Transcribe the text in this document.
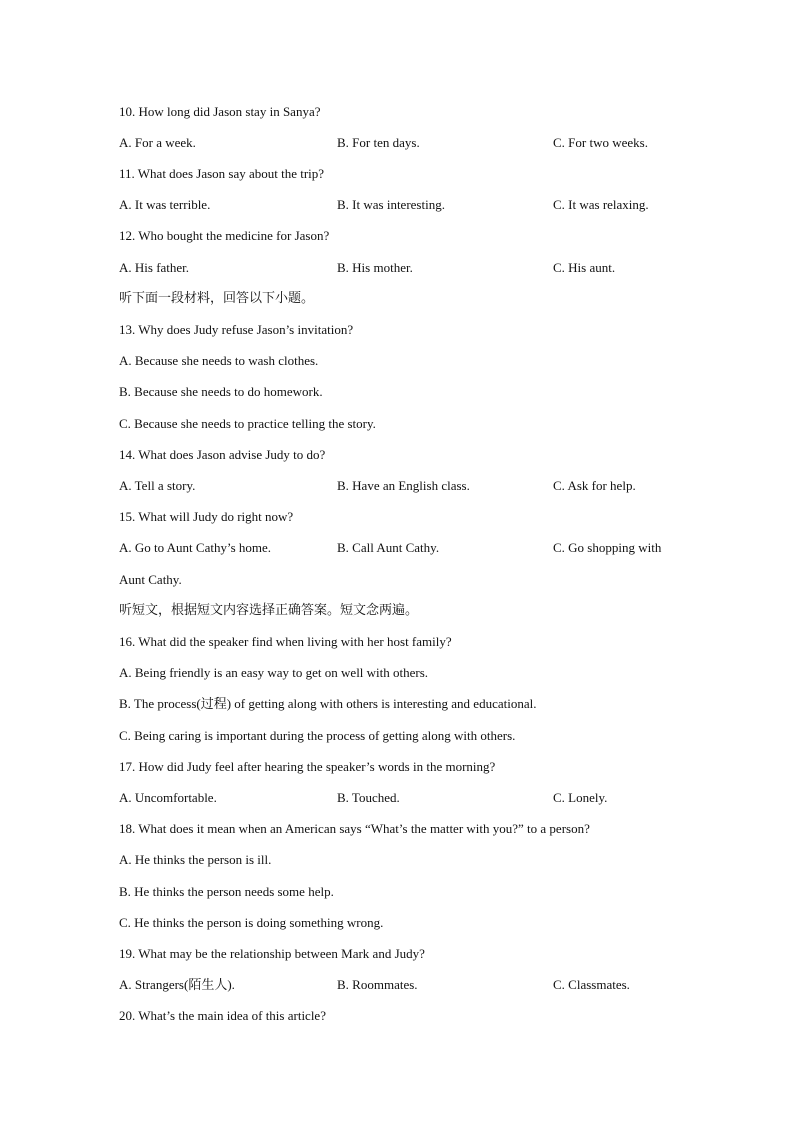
10. How long did Jason stay in Sanya?
A. For a week.	B. For ten days.	C. For two weeks.
11. What does Jason say about the trip?
A. It was terrible.	B. It was interesting.	C. It was relaxing.
12. Who bought the medicine for Jason?
A. His father.	B. His mother.	C. His aunt.
听下面一段材料，回答以下小题。
13. Why does Judy refuse Jason’s invitation?
A. Because she needs to wash clothes.
B. Because she needs to do homework.
C. Because she needs to practice telling the story.
14. What does Jason advise Judy to do?
A. Tell a story.	B. Have an English class.	C. Ask for help.
15. What will Judy do right now?
A. Go to Aunt Cathy’s home.	B. Call Aunt Cathy.	C. Go shopping with
Aunt Cathy.
听短文，根据短文内容选择正确答案。短文念两遍。
16. What did the speaker find when living with her host family?
A. Being friendly is an easy way to get on well with others.
B. The process(过程) of getting along with others is interesting and educational.
C. Being caring is important during the process of getting along with others.
17. How did Judy feel after hearing the speaker’s words in the morning?
A. Uncomfortable.	B. Touched.	C. Lonely.
18. What does it mean when an American says “What’s the matter with you?” to a person?
A. He thinks the person is ill.
B. He thinks the person needs some help.
C. He thinks the person is doing something wrong.
19. What may be the relationship between Mark and Judy?
A. Strangers(陌生人).	B. Roommates.	C. Classmates.
20. What’s the main idea of this article?
